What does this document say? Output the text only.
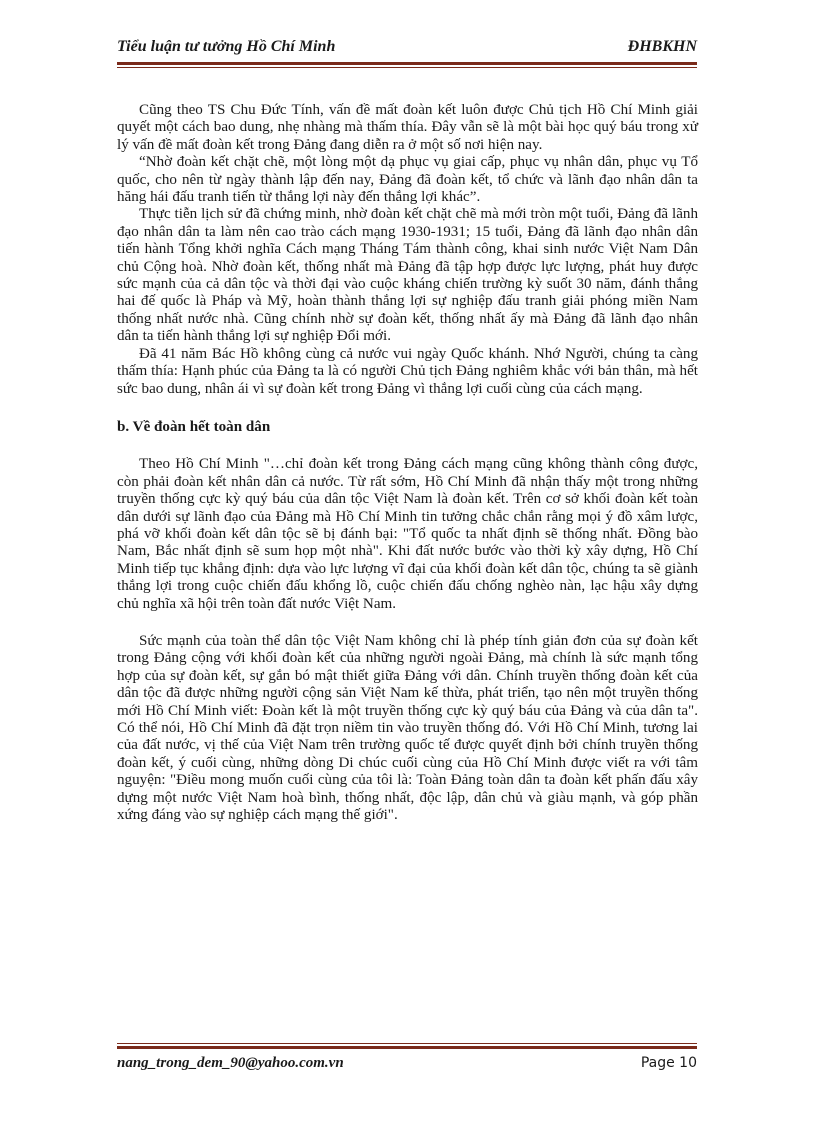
Tiểu luận tư tưởng Hồ Chí Minh	ĐHBKHN

Cũng theo TS Chu Đức Tính, vấn đề mất đoàn kết luôn được Chủ tịch Hồ Chí Minh giải quyết một cách bao dung, nhẹ nhàng mà thấm thía. Đây vẫn sẽ là một bài học quý báu trong xử lý vấn đề mất đoàn kết trong Đảng đang diễn ra ở một số nơi hiện nay.

“Nhờ đoàn kết chặt chẽ, một lòng một dạ phục vụ giai cấp, phục vụ nhân dân, phục vụ Tổ quốc, cho nên từ ngày thành lập đến nay, Đảng đã đoàn kết, tổ chức và lãnh đạo nhân dân ta hăng hái đấu tranh tiến từ thắng lợi này đến thắng lợi khác”.

Thực tiễn lịch sử đã chứng minh, nhờ đoàn kết chặt chẽ mà mới tròn một tuổi, Đảng đã lãnh đạo nhân dân ta làm nên cao trào cách mạng 1930-1931; 15 tuổi, Đảng đã lãnh đạo nhân dân tiến hành Tổng khởi nghĩa Cách mạng Tháng Tám thành công, khai sinh nước Việt Nam Dân chủ Cộng hoà. Nhờ đoàn kết, thống nhất mà Đảng đã tập hợp được lực lượng, phát huy được sức mạnh của cả dân tộc và thời đại vào cuộc kháng chiến trường kỳ suốt 30 năm, đánh thắng hai đế quốc là Pháp và Mỹ, hoàn thành thắng lợi sự nghiệp đấu tranh giải phóng miền Nam thống nhất nước nhà. Cũng chính nhờ sự đoàn kết, thống nhất ấy mà Đảng đã lãnh đạo nhân dân ta tiến hành thắng lợi sự nghiệp Đổi mới.

Đã 41 năm Bác Hồ không cùng cả nước vui ngày Quốc khánh. Nhớ Người, chúng ta càng thấm thía: Hạnh phúc của Đảng ta là có người Chủ tịch Đảng nghiêm khắc với bản thân, mà hết sức bao dung, nhân ái vì sự đoàn kết trong Đảng vì thắng lợi cuối cùng của cách mạng.

b. Về đoàn hết toàn dân

Theo Hồ Chí Minh "…chỉ đoàn kết trong Đảng cách mạng cũng không thành công được, còn phải đoàn kết nhân dân cả nước. Từ rất sớm, Hồ Chí Minh đã nhận thấy một trong những truyền thống cực kỳ quý báu của dân tộc Việt Nam là đoàn kết. Trên cơ sở khối đoàn kết toàn dân dưới sự lãnh đạo của Đảng mà Hồ Chí Minh tin tưởng chắc chắn rằng mọi ý đồ xâm lược, phá vỡ khối đoàn kết dân tộc sẽ bị đánh bại: "Tổ quốc ta nhất định sẽ thống nhất. Đồng bào Nam, Bắc nhất định sẽ sum họp một nhà". Khi đất nước bước vào thời kỳ xây dựng, Hồ Chí Minh tiếp tục khẳng định: dựa vào lực lượng vĩ đại của khối đoàn kết dân tộc, chúng ta sẽ giành thắng lợi trong cuộc chiến đấu khổng lồ, cuộc chiến đấu chống nghèo nàn, lạc hậu xây dựng chủ nghĩa xã hội trên toàn đất nước Việt Nam.

Sức mạnh của toàn thể dân tộc Việt Nam không chỉ là phép tính giản đơn của sự đoàn kết trong Đảng cộng với khối đoàn kết của những người ngoài Đảng, mà chính là sức mạnh tổng hợp của sự đoàn kết, sự gắn bó mật thiết giữa Đảng với dân. Chính truyền thống đoàn kết của dân tộc đã được những người cộng sản Việt Nam kế thừa, phát triển, tạo nên một truyền thống mới Hồ Chí Minh viết: Đoàn kết là một truyền thống cực kỳ quý báu của Đảng và của dân ta". Có thể nói, Hồ Chí Minh đã đặt trọn niềm tin vào truyền thống đó. Với Hồ Chí Minh, tương lai của đất nước, vị thế của Việt Nam trên trường quốc tế được quyết định bởi chính truyền thống đoàn kết, ý cuối cùng, những dòng Di chúc cuối cùng của Hồ Chí Minh được viết ra với tâm nguyện: "Điều mong muốn cuối cùng của tôi là: Toàn Đảng toàn dân ta đoàn kết phấn đấu xây dựng một nước Việt Nam hoà bình, thống nhất, độc lập, dân chủ và giàu mạnh, và góp phần xứng đáng vào sự nghiệp cách mạng thế giới".

nang_trong_dem_90@yahoo.com.vn	Page 10
